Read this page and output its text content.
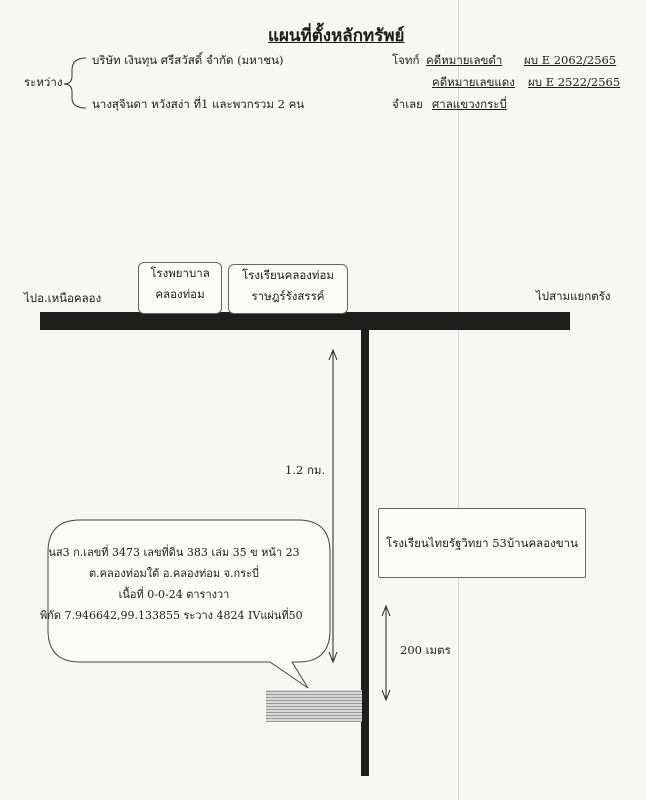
แผนที่ตั้งหลักทรัพย์
บริษัท เงินทุน ศรีสวัสดิ์ จำกัด (มหาชน)
ระหว่าง
นางสุจินดา หวังสง่า ที่1 และพวกรวม 2 คน
โจทก์ คดีหมายเลขดำ ผบ E 2062/2565
คดีหมายเลขแดง ผบ E 2522/2565
จำเลย ศาลแขวงกระบี่
ไปอ.เหนือคลอง	ไปสามแยกตรัง
โรงพยาบาล
คลองท่อม
โรงเรียนคลองท่อม
ราษฎร์รังสรรค์
โรงเรียนไทยรัฐวิทยา 53บ้านคลองขาน
1.2 กม.
200 เมตร
นส3 ก.เลขที่ 3473 เลขที่ดิน 383 เล่ม 35 ข หน้า 23
ต.คลองท่อมใต้ อ.คลองท่อม จ.กระบี่
เนื้อที่ 0-0-24 ตารางวา
พิกัด 7.946642,99.133855 ระวาง 4824 IVแผ่นที่50
